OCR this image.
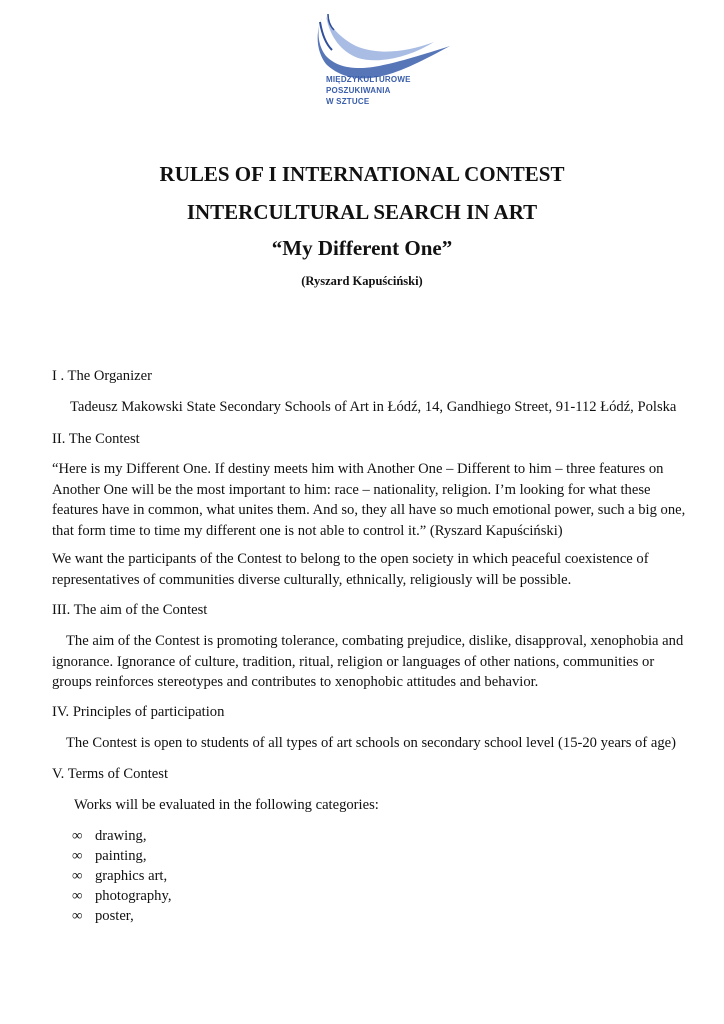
MIĘDZYKULTUROWE
POSZUKIWANIA
W SZTUCE
RULES OF I INTERNATIONAL CONTEST
INTERCULTURAL SEARCH IN ART
“My Different One”
(Ryszard Kapuściński)
I . The Organizer
Tadeusz Makowski State Secondary Schools of Art in Łódź, 14, Gandhiego Street, 91-112 Łódź, Polska
II. The Contest
“Here is my Different One. If destiny meets him with Another One – Different to him – three features on Another One will be the most important to him: race – nationality, religion. I’m looking for what these features have in common, what unites them. And so, they all have so much emotional power, such a big one, that form time to time my different one is not able to control it.” (Ryszard Kapuściński)
We want the participants of the Contest to belong to the open society in which peaceful coexistence of representatives of communities diverse culturally, ethnically, religiously will be possible.
III. The aim of the Contest
The aim of the Contest is promoting tolerance, combating prejudice, dislike, disapproval, xenophobia and ignorance. Ignorance of culture, tradition, ritual, religion or languages of other nations, communities or groups reinforces stereotypes and contributes to xenophobic attitudes and behavior.
IV. Principles of participation
The Contest is open to students of all types of art schools on secondary school level (15-20 years of age)
V. Terms of Contest
Works will be evaluated in the following categories:
∞ drawing,
∞ painting,
∞ graphics art,
∞ photography,
∞ poster,
